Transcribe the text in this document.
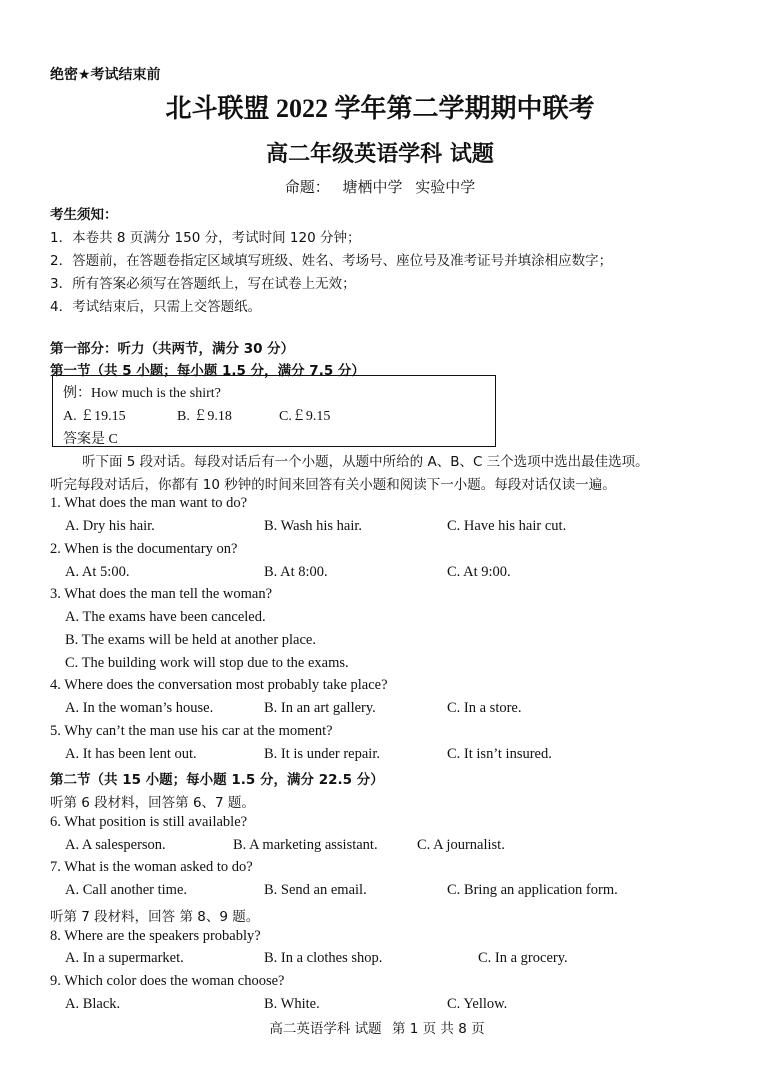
绝密★考试结束前
北斗联盟 2022 学年第二学期期中联考
高二年级英语学科 试题
命题： 塘栖中学 实验中学
考生须知：
1．本卷共 8 页满分 150 分，考试时间 120 分钟；
2．答题前，在答题卷指定区域填写班级、姓名、考场号、座位号及准考证号并填涂相应数字；
3．所有答案必须写在答题纸上，写在试卷上无效；
4．考试结束后，只需上交答题纸。
第一部分：听力（共两节，满分 30 分）
第一节（共 5 小题；每小题 1.5 分，满分 7.5 分）
例：How much is the shirt?
A. ￡19.15	B. ￡9.18	C.￡9.15
答案是 C
听下面 5 段对话。每段对话后有一个小题，从题中所给的 A、B、C 三个选项中选出最佳选项。
听完每段对话后，你都有 10 秒钟的时间来回答有关小题和阅读下一小题。每段对话仅读一遍。
1. What does the man want to do?
A. Dry his hair.	B. Wash his hair.	C. Have his hair cut.
2. When is the documentary on?
A. At 5:00.	B. At 8:00.	C. At 9:00.
3. What does the man tell the woman?
A. The exams have been canceled.
B. The exams will be held at another place.
C. The building work will stop due to the exams.
4. Where does the conversation most probably take place?
A. In the woman’s house.	B. In an art gallery.	C. In a store.
5. Why can’t the man use his car at the moment?
A. It has been lent out.	B. It is under repair.	C. It isn’t insured.
第二节（共 15 小题；每小题 1.5 分，满分 22.5 分）
听第 6 段材料，回答第 6、7 题。
6. What position is still available?
A. A salesperson.	B. A marketing assistant.	C. A journalist.
7. What is the woman asked to do?
A. Call another time.	B. Send an email.	C. Bring an application form.
听第 7 段材料，回答 第 8、9 题。
8. Where are the speakers probably?
A. In a supermarket.	B. In a clothes shop.	C. In a grocery.
9. Which color does the woman choose?
A. Black.	B. White.	C. Yellow.
高二英语学科 试题 第 1 页 共 8 页
